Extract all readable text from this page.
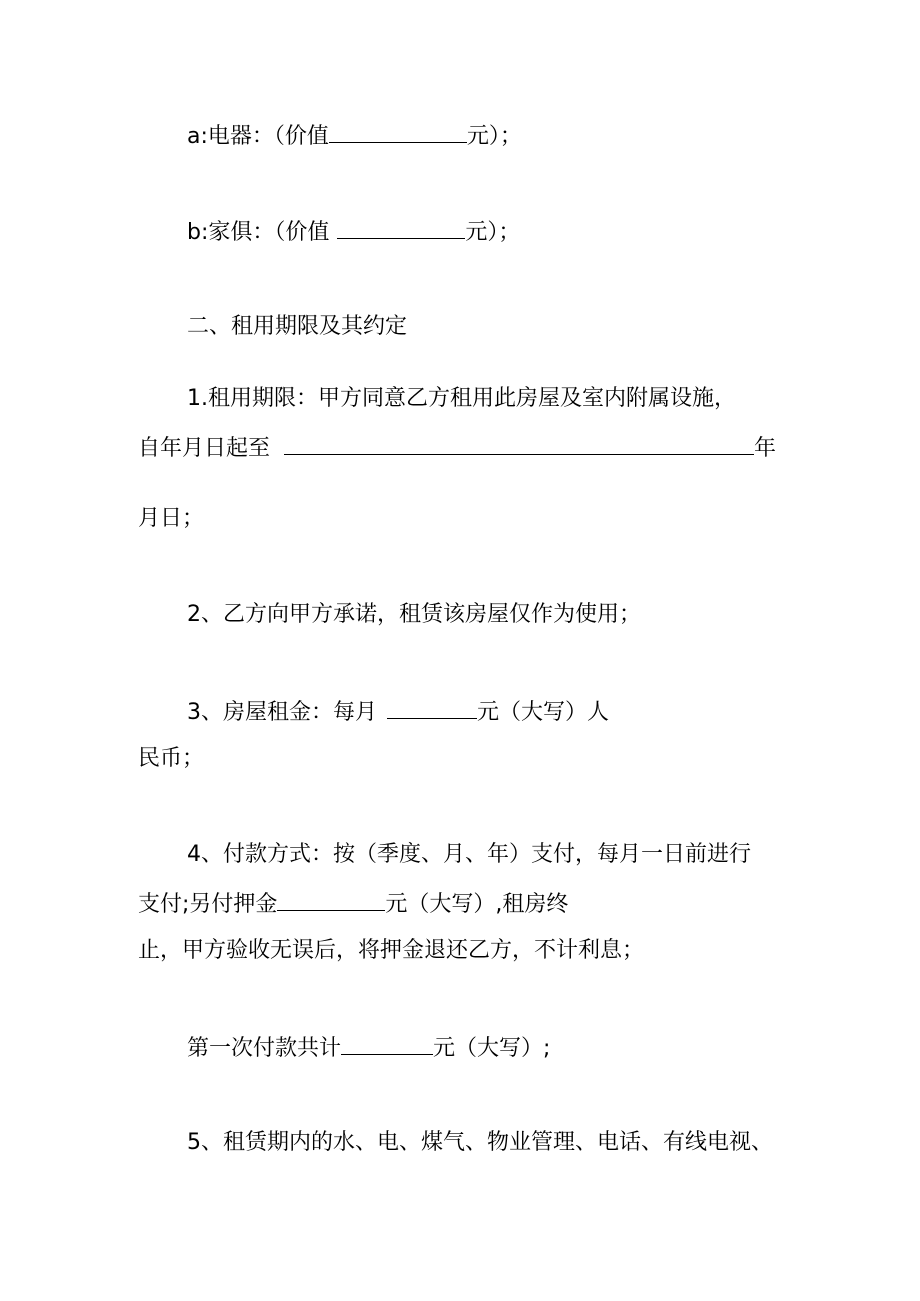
a:电器：（价值	元）；
b:家俱：（价值	元）；
二、租用期限及其约定
1.租用期限：甲方同意乙方租用此房屋及室内附属设施，
自年月日起至	年
月日；
2、乙方向甲方承诺，租赁该房屋仅作为使用；
3、房屋租金：每月	元（大写）人
民币；
4、付款方式：按（季度、月、年）支付，每月一日前进行
支付;另付押金	元（大写）,租房终
止，甲方验收无误后，将押金退还乙方，不计利息；
第一次付款共计	元（大写）;
5、租赁期内的水、电、煤气、物业管理、电话、有线电视、
